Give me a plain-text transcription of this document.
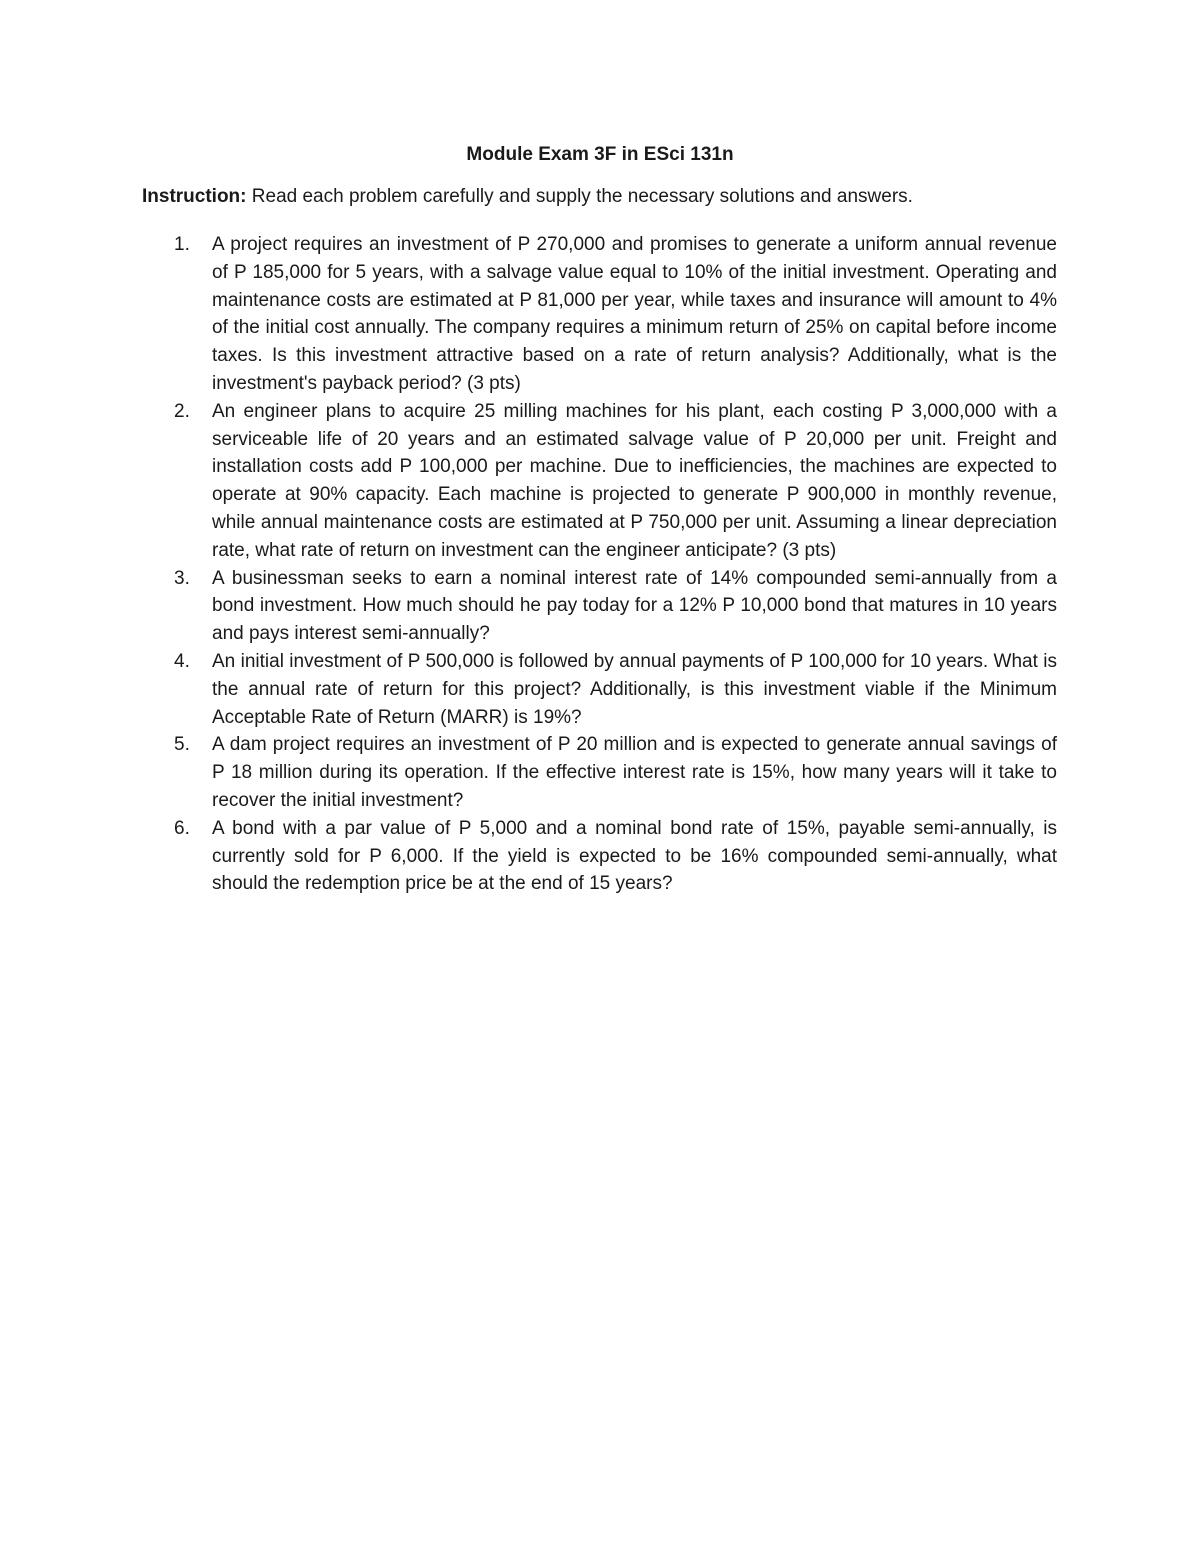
Module Exam 3F in ESci 131n
Instruction: Read each problem carefully and supply the necessary solutions and answers.
1. A project requires an investment of P 270,000 and promises to generate a uniform annual revenue of P 185,000 for 5 years, with a salvage value equal to 10% of the initial investment. Operating and maintenance costs are estimated at P 81,000 per year, while taxes and insurance will amount to 4% of the initial cost annually. The company requires a minimum return of 25% on capital before income taxes. Is this investment attractive based on a rate of return analysis? Additionally, what is the investment's payback period? (3 pts)
2. An engineer plans to acquire 25 milling machines for his plant, each costing P 3,000,000 with a serviceable life of 20 years and an estimated salvage value of P 20,000 per unit. Freight and installation costs add P 100,000 per machine. Due to inefficiencies, the machines are expected to operate at 90% capacity. Each machine is projected to generate P 900,000 in monthly revenue, while annual maintenance costs are estimated at P 750,000 per unit. Assuming a linear depreciation rate, what rate of return on investment can the engineer anticipate? (3 pts)
3. A businessman seeks to earn a nominal interest rate of 14% compounded semi-annually from a bond investment. How much should he pay today for a 12% P 10,000 bond that matures in 10 years and pays interest semi-annually?
4. An initial investment of P 500,000 is followed by annual payments of P 100,000 for 10 years. What is the annual rate of return for this project? Additionally, is this investment viable if the Minimum Acceptable Rate of Return (MARR) is 19%?
5. A dam project requires an investment of P 20 million and is expected to generate annual savings of P 18 million during its operation. If the effective interest rate is 15%, how many years will it take to recover the initial investment?
6. A bond with a par value of P 5,000 and a nominal bond rate of 15%, payable semi-annually, is currently sold for P 6,000. If the yield is expected to be 16% compounded semi-annually, what should the redemption price be at the end of 15 years?
